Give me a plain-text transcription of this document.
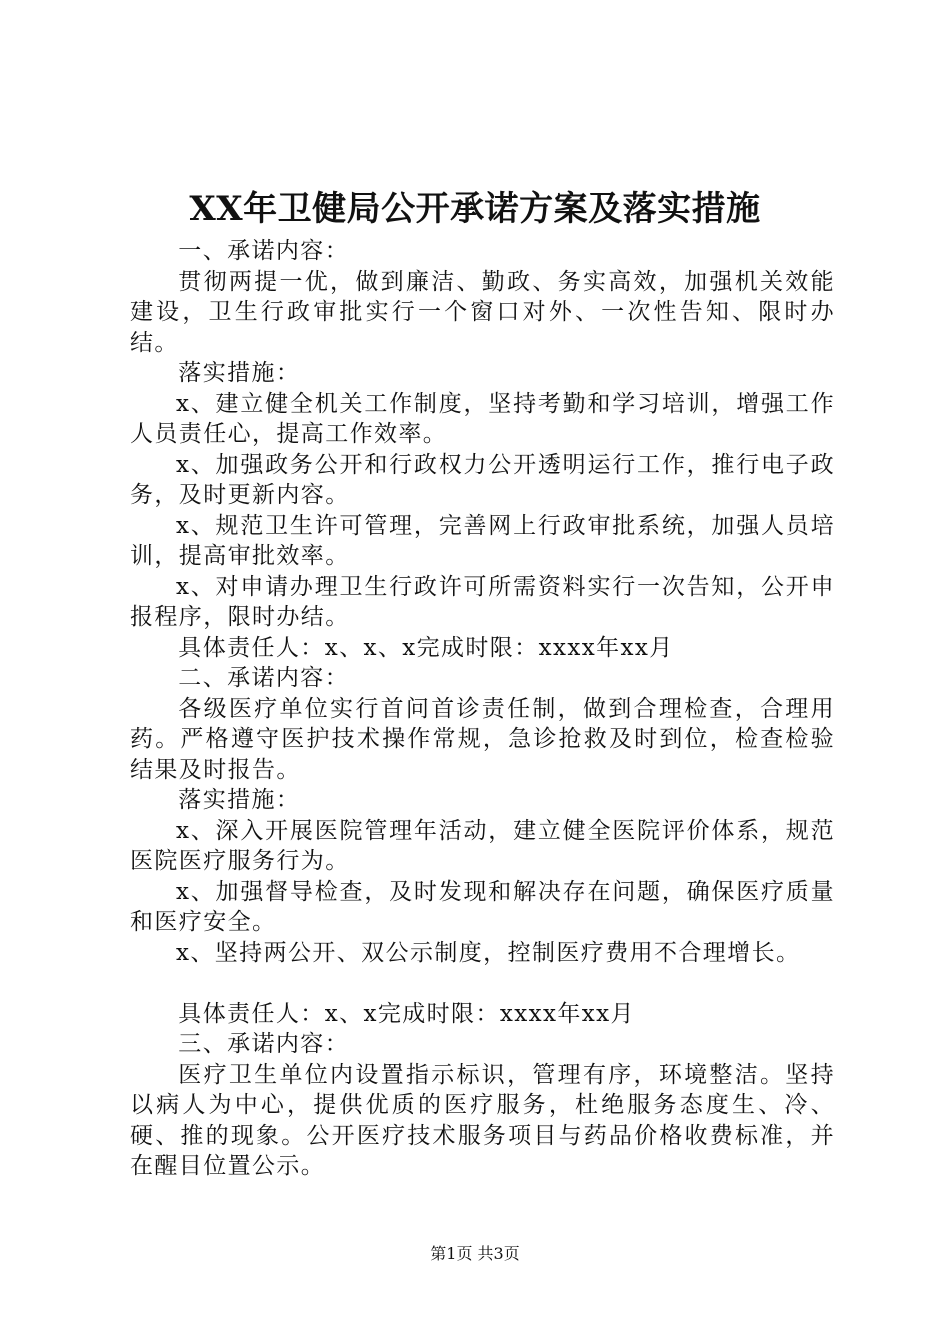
XX年卫健局公开承诺方案及落实措施

一、承诺内容：

贯彻两提一优，做到廉洁、勤政、务实高效，加强机关效能建设，卫生行政审批实行一个窗口对外、一次性告知、限时办结。

落实措施：

x、建立健全机关工作制度，坚持考勤和学习培训，增强工作人员责任心，提高工作效率。

x、加强政务公开和行政权力公开透明运行工作，推行电子政务，及时更新内容。

x、规范卫生许可管理，完善网上行政审批系统，加强人员培训，提高审批效率。

x、对申请办理卫生行政许可所需资料实行一次告知，公开申报程序，限时办结。

具体责任人：x、x、x完成时限：xxxx年xx月

二、承诺内容：

各级医疗单位实行首问首诊责任制，做到合理检查，合理用药。严格遵守医护技术操作常规，急诊抢救及时到位，检查检验结果及时报告。

落实措施：

x、深入开展医院管理年活动，建立健全医院评价体系，规范医院医疗服务行为。

x、加强督导检查，及时发现和解决存在问题，确保医疗质量和医疗安全。

x、坚持两公开、双公示制度，控制医疗费用不合理增长。

具体责任人：x、x完成时限：xxxx年xx月

三、承诺内容：

医疗卫生单位内设置指示标识，管理有序，环境整洁。坚持以病人为中心，提供优质的医疗服务，杜绝服务态度生、冷、硬、推的现象。公开医疗技术服务项目与药品价格收费标准，并在醒目位置公示。

第1页 共3页
